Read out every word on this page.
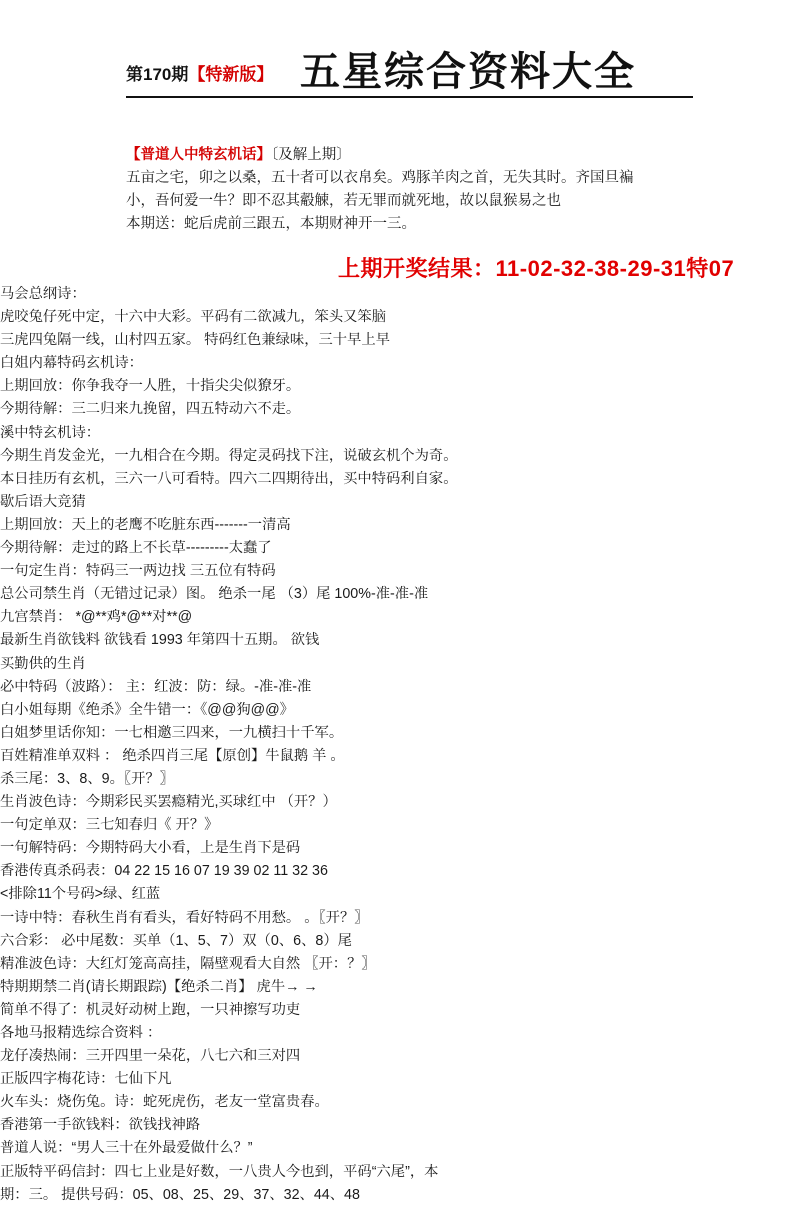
第170期【特新版】 五星综合资料大全

【普道人中特玄机话】〔及解上期〕

五亩之宅，卯之以桑，五十者可以衣帛矣。鸡豚羊肉之首，无失其时。齐国旦褊

小，吾何爱一牛？即不忍其觳觫，若无罪而就死地，故以鼠猴易之也

本期送：蛇后虎前三跟五，本期财神开一三。

上期开奖结果：11-02-32-38-29-31特07

马会总纲诗：

虎咬兔仔死中定，十六中大彩。平码有二欲减九，笨头又笨脑

三虎四兔隔一线，山村四五家。 特码红色兼绿味，三十早上早

白姐内幕特码玄机诗：

上期回放：你争我夺一人胜，十指尖尖似獠牙。

今期待解：三二归来九挽留，四五特动六不走。

溪中特玄机诗：

今期生肖发金光，一九相合在今期。得定灵码找下注，说破玄机个为奇。

本日挂历有玄机，三六一八可看特。四六二四期待出，买中特码利自家。

歇后语大竞猜

上期回放：天上的老鹰不吃脏东西-------一清高

今期待解：走过的路上不长草---------太蠢了

一句定生肖：特码三一两边找 三五位有特码

总公司禁生肖（无错过记录）图。 绝杀一尾 （3）尾 100%-准-准-准

九宫禁肖： *@**鸡*@**对**@

最新生肖欲钱料 欲钱看 1993 年第四十五期。 欲钱

买勤供的生肖

必中特码（波路）： 主：红波：防：绿。-准-准-准

白小姐每期《绝杀》全牛错一：《@@狗@@》

白姐梦里话你知：一七相邀三四来，一九横扫十千军。

百姓精准单双料 ： 绝杀四肖三尾【原创】牛鼠鹅 羊 。

杀三尾：3、8、9。〖开？〗

生肖波色诗：今期彩民买罢瘾精光,买球红中 （开？）

一句定单双：三七知春归《 开？》

一句解特码：今期特码大小看，上是生肖下是码

香港传真杀码表：04 22 15 16 07 19 39 02 11 32 36

<排除11个号码>绿、红蓝

一诗中特：春秋生肖有看头，看好特码不用愁。 。〖开？〗

六合彩： 必中尾数：买单（1、5、7）双（0、6、8）尾

精准波色诗：大红灯笼高高挂，隔壁观看大自然 〖开：？〗

特期期禁二肖(请长期跟踪)【绝杀二肖】 虎牛→ →

简单不得了：机灵好动树上跑，一只神擦写功吏

各地马报精选综合资料 ：

龙仔凑热闹：三开四里一朵花，八七六和三对四

正版四字梅花诗：七仙下凡

火车头：烧伤兔。诗：蛇死虎伤，老友一堂富贵春。

香港第一手欲钱料：欲钱找神路

普道人说：“男人三十在外最爱做什么？”

正版特平码信封：四七上业是好数，一八贵人今也到，平码“六尾”，本

期：三。 提供号码：05、08、25、29、37、32、44、48
